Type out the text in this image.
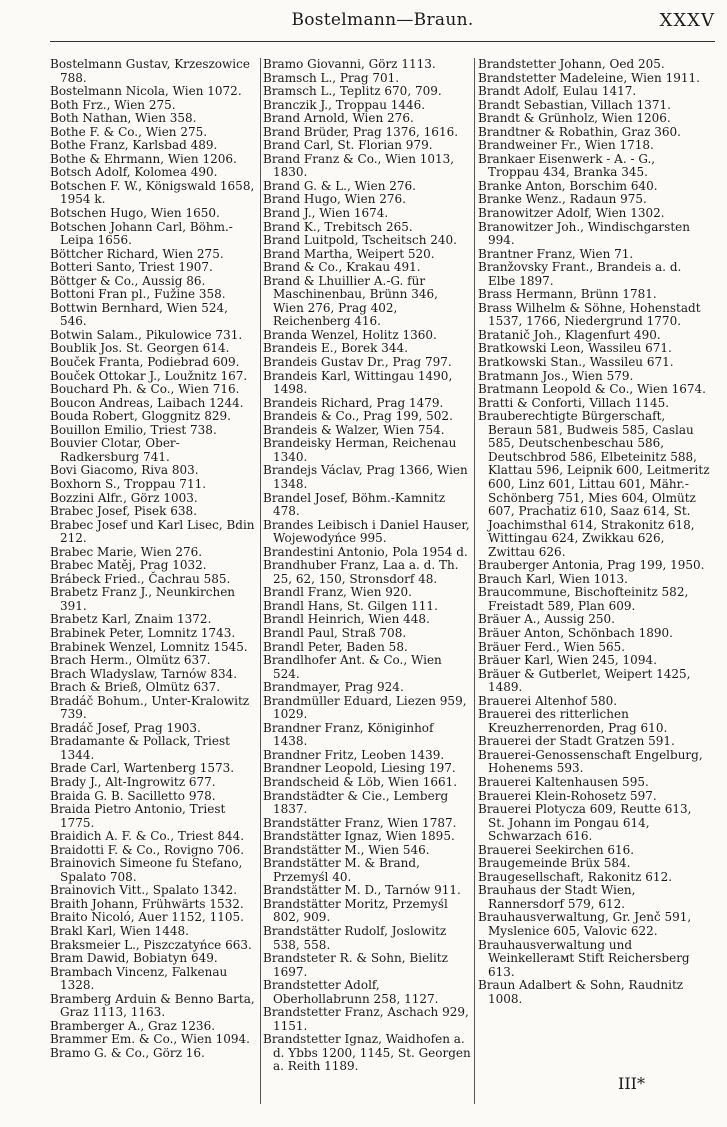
Bostelmann—Braun.	XXXV

Bostelmann Gustav, Krzeszowice 788.

Bostelmann Nicola, Wien 1072.

Both Frz., Wien 275.

Both Nathan, Wien 358.

Bothe F. & Co., Wien 275.

Bothe Franz, Karlsbad 489.

Bothe & Ehrmann, Wien 1206.

Botsch Adolf, Kolomea 490.

Botschen F. W., Königswald 1658, 1954 k.

Botschen Hugo, Wien 1650.

Botschen Johann Carl, Böhm.-Leipa 1656.

Böttcher Richard, Wien 275.

Botteri Santo, Triest 1907.

Böttger & Co., Aussig 86.

Bottoni Fran pl., Fužine 358.

Bottwin Bernhard, Wien 524, 546.

Botwin Salam., Pikulowice 731.

Boublik Jos. St. Georgen 614.

Bouček Franta, Podiebrad 609.

Bouček Ottokar J., Loužnitz 167.

Bouchard Ph. & Co., Wien 716.

Boucon Andreas, Laibach 1244.

Bouda Robert, Gloggnitz 829.

Bouillon Emilio, Triest 738.

Bouvier Clotar, Ober-Radkersburg 741.

Bovi Giacomo, Riva 803.

Boxhorn S., Troppau 711.

Bozzini Alfr., Görz 1003.

Brabec Josef, Pisek 638.

Brabec Josef und Karl Lisec, Bdin 212.

Brabec Marie, Wien 276.

Brabec Matěj, Prag 1032.

Brábeck Fried., Čachrau 585.

Brabetz Franz J., Neunkirchen 391.

Brabetz Karl, Znaim 1372.

Brabinek Peter, Lomnitz 1743.

Brabinek Wenzel, Lomnitz 1545.

Brach Herm., Olmütz 637.

Brach Wladyslaw, Tarnów 834.

Brach & Brieß, Olmütz 637.

Bradáč Bohum., Unter-Kralowitz 739.

Bradáč Josef, Prag 1903.

Bradamante & Pollack, Triest 1344.

Brade Carl, Wartenberg 1573.

Brady J., Alt-Ingrowitz 677.

Braida G. B. Sacilletto 978.

Braida Pietro Antonio, Triest 1775.

Braidich A. F. & Co., Triest 844.

Braidotti F. & Co., Rovigno 706.

Brainovich Simeone fu Stefano, Spalato 708.

Brainovich Vitt., Spalato 1342.

Braith Johann, Frühwärts 1532.

Braito Nicoló, Auer 1152, 1105.

Brakl Karl, Wien 1448.

Braksmeier L., Piszczatyńce 663.

Bram Dawid, Bobiatyn 649.

Brambach Vincenz, Falkenau 1328.

Bramberg Arduin & Benno Barta, Graz 1113, 1163.

Bramberger A., Graz 1236.

Brammer Em. & Co., Wien 1094.

Bramo G. & Co., Görz 16.

Bramo Giovanni, Görz 1113.

Bramsch L., Prag 701.

Bramsch L., Teplitz 670, 709.

Branczik J., Troppau 1446.

Brand Arnold, Wien 276.

Brand Brüder, Prag 1376, 1616.

Brand Carl, St. Florian 979.

Brand Franz & Co., Wien 1013, 1830.

Brand G. & L., Wien 276.

Brand Hugo, Wien 276.

Brand J., Wien 1674.

Brand K., Trebitsch 265.

Brand Luitpold, Tscheitsch 240.

Brand Martha, Weipert 520.

Brand & Co., Krakau 491.

Brand & Lhuillier A.-G. für Maschinenbau, Brünn 346, Wien 276, Prag 402, Reichenberg 416.

Branda Wenzel, Holitz 1360.

Brandeis E., Borek 344.

Brandeis Gustav Dr., Prag 797.

Brandeis Karl, Wittingau 1490, 1498.

Brandeis Richard, Prag 1479.

Brandeis & Co., Prag 199, 502.

Brandeis & Walzer, Wien 754.

Brandeisky Herman, Reichenau 1340.

Brandejs Václav, Prag 1366, Wien 1348.

Brandel Josef, Böhm.-Kamnitz 478.

Brandes Leibisch i Daniel Hauser, Wojewodyńce 995.

Brandestini Antonio, Pola 1954 d.

Brandhuber Franz, Laa a. d. Th. 25, 62, 150, Stronsdorf 48.

Brandl Franz, Wien 920.

Brandl Hans, St. Gilgen 111.

Brandl Heinrich, Wien 448.

Brandl Paul, Straß 708.

Brandl Peter, Baden 58.

Brandlhofer Ant. & Co., Wien 524.

Brandmayer, Prag 924.

Brandmüller Eduard, Liezen 959, 1029.

Brandner Franz, Königinhof 1438.

Brandner Fritz, Leoben 1439.

Brandner Leopold, Liesing 197.

Brandscheid & Löb, Wien 1661.

Brandstädter & Cie., Lemberg 1837.

Brandstätter Franz, Wien 1787.

Brandstätter Ignaz, Wien 1895.

Brandstätter M., Wien 546.

Brandstätter M. & Brand, Przemyśl 40.

Brandstätter M. D., Tarnów 911.

Brandstätter Moritz, Przemyśl 802, 909.

Brandstätter Rudolf, Joslowitz 538, 558.

Brandsteter R. & Sohn, Bielitz 1697.

Brandstetter Adolf, Oberhollabrunn 258, 1127.

Brandstetter Franz, Aschach 929, 1151.

Brandstetter Ignaz, Waidhofen a. d. Ybbs 1200, 1145, St. Georgen a. Reith 1189.

Brandstetter Johann, Oed 205.

Brandstetter Madeleine, Wien 1911.

Brandt Adolf, Eulau 1417.

Brandt Sebastian, Villach 1371.

Brandt & Grünholz, Wien 1206.

Brandtner & Robathin, Graz 360.

Brandweiner Fr., Wien 1718.

Brankaer Eisenwerk - A. - G., Troppau 434, Branka 345.

Branke Anton, Borschim 640.

Branke Wenz., Radaun 975.

Branowitzer Adolf, Wien 1302.

Branowitzer Joh., Windischgarsten 994.

Brantner Franz, Wien 71.

Branžovsky Frant., Brandeis a. d. Elbe 1897.

Brass Hermann, Brünn 1781.

Brass Wilhelm & Söhne, Hohenstadt 1537, 1766, Niedergrund 1770.

Bratanič Joh., Klagenfurt 490.

Bratkowski Leon, Wassileu 671.

Bratkowski Stan., Wassileu 671.

Bratmann Jos., Wien 579.

Bratmann Leopold & Co., Wien 1674.

Bratti & Conforti, Villach 1145.

Brauberechtigte Bürgerschaft, Beraun 581, Budweis 585, Caslau 585, Deutschenbeschau 586, Deutschbrod 586, Elbeteinitz 588, Klattau 596, Leipnik 600, Leitmeritz 600, Linz 601, Littau 601, Mähr.-Schönberg 751, Mies 604, Olmütz 607, Prachatiz 610, Saaz 614, St. Joachimsthal 614, Strakonitz 618, Wittingau 624, Zwikkau 626, Zwittau 626.

Brauberger Antonia, Prag 199, 1950.

Brauch Karl, Wien 1013.

Braucommune, Bischofteinitz 582, Freistadt 589, Plan 609.

Bräuer A., Aussig 250.

Bräuer Anton, Schönbach 1890.

Bräuer Ferd., Wien 565.

Bräuer Karl, Wien 245, 1094.

Bräuer & Gutberlet, Weipert 1425, 1489.

Brauerei Altenhof 580.

Brauerei des ritterlichen Kreuzherrenorden, Prag 610.

Brauerei der Stadt Gratzen 591.

Brauerei-Genossenschaft Engelburg, Hohenems 593.

Brauerei Kaltenhausen 595.

Brauerei Klein-Rohosetz 597.

Brauerei Plotycza 609, Reutte 613, St. Johann im Pongau 614, Schwarzach 616.

Brauerei Seekirchen 616.

Braugemeinde Brüx 584.

Braugesellschaft, Rakonitz 612.

Brauhaus der Stadt Wien, Rannersdorf 579, 612.

Brauhausverwaltung, Gr. Jenč 591, Myslenice 605, Valovic 622.

Brauhausverwaltung und Weinkellerамt Stift Reichersberg 613.

Braun Adalbert & Sohn, Raudnitz 1008.

III*
